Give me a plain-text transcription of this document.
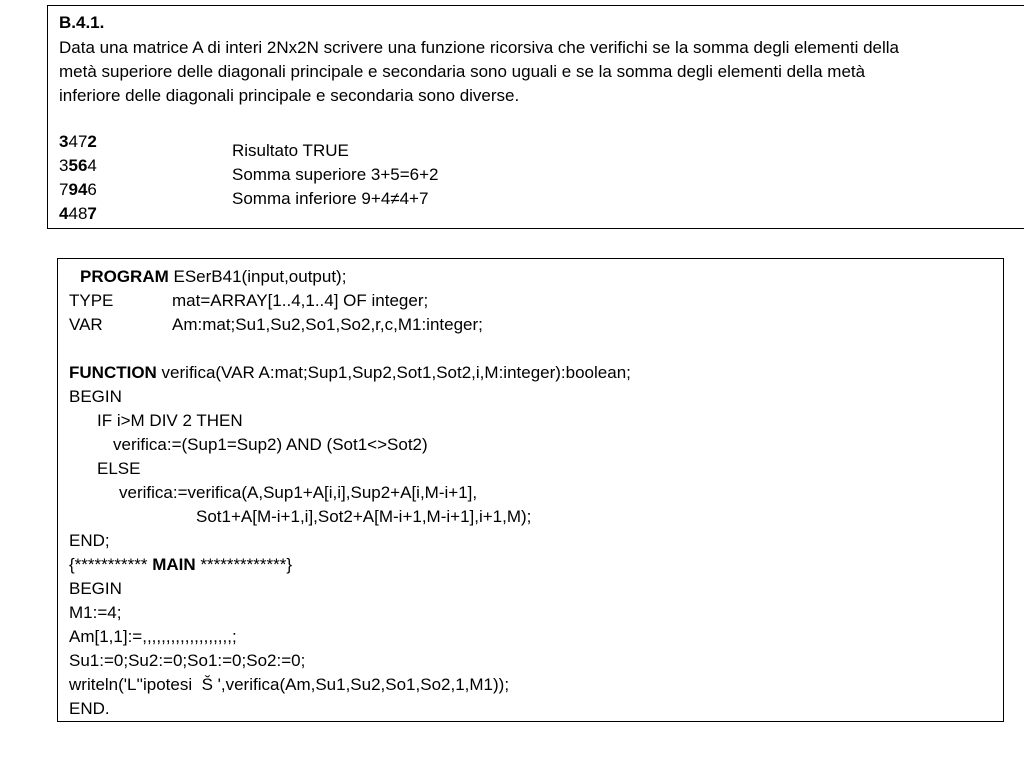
B.4.1.
Data una matrice A di interi 2Nx2N scrivere una funzione ricorsiva che verifichi se la somma degli elementi della
metà superiore delle diagonali principale e secondaria sono uguali e se la somma degli elementi della metà
inferiore delle diagonali principale e secondaria sono diverse.
3472
3564
7946
4487
Risultato TRUE
Somma superiore 3+5=6+2
Somma inferiore 9+4≠4+7
PROGRAM ESerB41(input,output);
TYPE	mat=ARRAY[1..4,1..4] OF integer;
VAR	Am:mat;Su1,Su2,So1,So2,r,c,M1:integer;
FUNCTION verifica(VAR A:mat;Sup1,Sup2,Sot1,Sot2,i,M:integer):boolean;
BEGIN
IF i>M DIV 2 THEN
verifica:=(Sup1=Sup2) AND (Sot1<>Sot2)
ELSE
verifica:=verifica(A,Sup1+A[i,i],Sup2+A[i,M-i+1],
Sot1+A[M-i+1,i],Sot2+A[M-i+1,M-i+1],i+1,M);
END;
{*********** MAIN *************}
BEGIN
M1:=4;
Am[1,1]:=,,,,,,,,,,,,,,,,,,,;
Su1:=0;Su2:=0;So1:=0;So2:=0;
writeln('L''ipotesi  Š ',verifica(Am,Su1,Su2,So1,So2,1,M1));
END.
